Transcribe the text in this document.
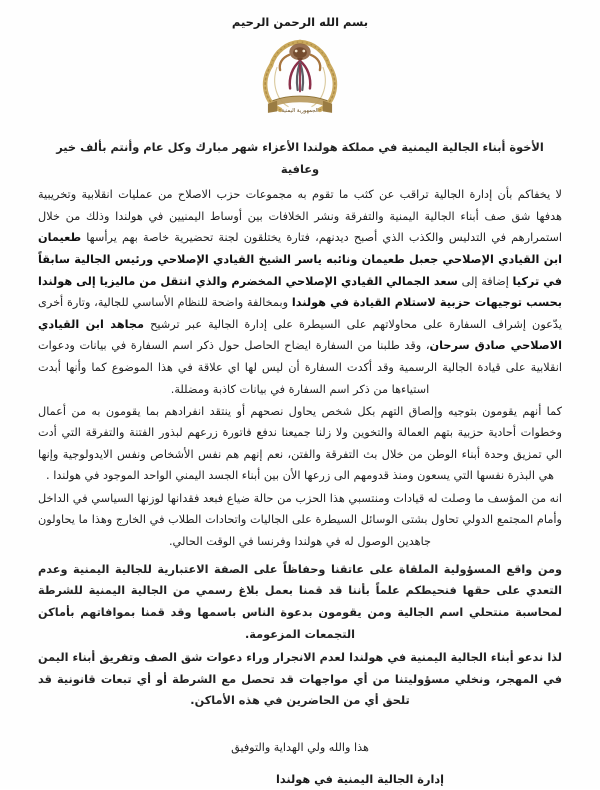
بسم الله الرحمن الرحيم
الجمهورية اليمنية

الأخوة أبناء الجالية اليمنية في مملكة هولندا الأعزاء شهر مبارك وكل عام وأنتم بألف خير وعافية

لا يخفاكم بأن إدارة الجالية تراقب عن كثب ما تقوم به مجموعات حزب الاصلاح من عمليات انقلابية وتخريبية هدفها شق صف أبناء الجالية اليمنية والتفرقة ونشر الخلافات بين أوساط اليمنيين في هولندا وذلك من خلال استمرارهم في التدليس والكذب الذي أصبح ديدنهم، فتارة يختلقون لجنة تحضيرية خاصة بهم يرأسها طعيمان ابن القيادي الإصلاحي جعبل طعيمان ونائبه ياسر الشيخ القيادي الإصلاحي ورئيس الجالية سابقاً في تركيا إضافة إلى سعد الجمالي القيادي الإصلاحي المخضرم والذي انتقل من ماليزيا إلى هولندا بحسب توجيهات حزبية لاستلام القيادة في هولندا وبمخالفة واضحة للنظام الأساسي للجالية، وتارة أخرى يدّعون إشراف السفارة على محاولاتهم على السيطرة على إدارة الجالية عبر ترشيح مجاهد ابن القيادي الاصلاحي صادق سرحان، وقد طلبنا من السفارة ايضاح الحاصل حول ذكر اسم السفارة في بيانات ودعوات انقلابية على قيادة الجالية الرسمية وقد أكدت السفارة أن ليس لها اي علاقة في هذا الموضوع كما وأنها أبدت استياءها من ذكر اسم السفارة في بيانات كاذبة ومضللة.

كما أنهم يقومون بتوجيه وإلصاق التهم بكل شخص يحاول نصحهم أو ينتقد انفرادهم بما يقومون به من أعمال وخطوات أحادية حزبية بتهم العمالة والتخوين ولا زلنا جميعنا ندفع فاتورة زرعهم لبذور الفتنة والتفرقة التي أدت الي تمزيق وحدة أبناء الوطن من خلال بث التفرقة والفتن، نعم إنهم هم نفس الأشخاص ونفس الايدولوجية وإنها هي البذرة نفسها التي يسعون ومنذ قدومهم الى زرعها الأن بين أبناء الجسد اليمني الواحد الموجود في هولندا .

انه من المؤسف ما وصلت له قيادات ومنتسبي هذا الحزب من حالة ضياع فبعد فقدانها لوزنها السياسي في الداخل وأمام المجتمع الدولي تحاول بشتى الوسائل السيطرة على الجاليات واتحادات الطلاب في الخارج وهذا ما يحاولون جاهدين الوصول له في هولندا وفرنسا في الوقت الحالي.

ومن واقع المسؤولية الملقاة على عاتقنا وحفاظاً على الصفة الاعتبارية للجالية اليمنية وعدم التعدي على حقها فنحيطكم علماً بأننا قد قمنا بعمل بلاغ رسمي من الجالية اليمنية للشرطة لمحاسبة منتحلي اسم الجالية ومن يقومون بدعوة الناس باسمها وقد قمنا بموافاتهم بأماكن التجمعات المزعومة.

لذا ندعو أبناء الجالية اليمنية في هولندا لعدم الانجرار وراء دعوات شق الصف وتفريق أبناء اليمن في المهجر، ونخلي مسؤوليتنا من أي مواجهات قد تحصل مع الشرطة أو أي تبعات قانونية قد تلحق أي من الحاضرين في هذه الأماكن.

هذا والله ولي الهداية والتوفيق
إدارة الجالية اليمنية في هولندا
